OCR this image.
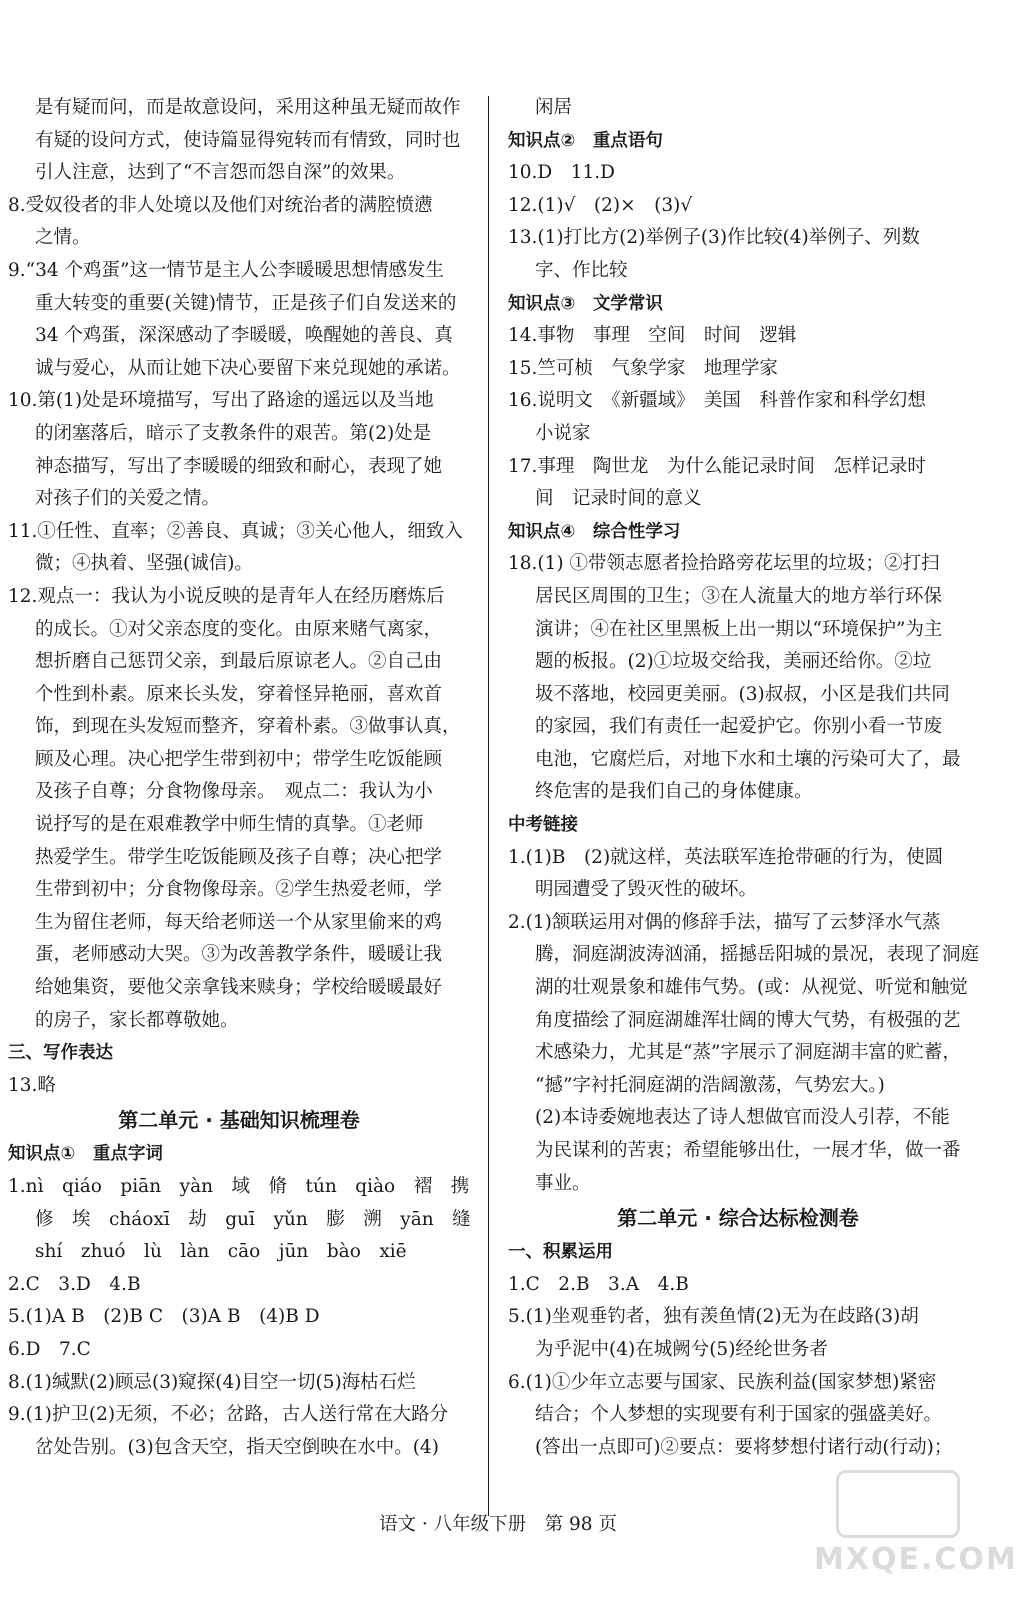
是有疑而问，而是故意设问，采用这种虽无疑而故作
有疑的设问方式，使诗篇显得宛转而有情致，同时也
引人注意，达到了“不言怨而怨自深”的效果。
8.受奴役者的非人处境以及他们对统治者的满腔愤懑
之情。
9.“34 个鸡蛋”这一情节是主人公李暖暖思想情感发生
重大转变的重要(关键)情节，正是孩子们自发送来的
34 个鸡蛋，深深感动了李暖暖，唤醒她的善良、真
诚与爱心，从而让她下决心要留下来兑现她的承诺。
10.第(1)处是环境描写，写出了路途的遥远以及当地
的闭塞落后，暗示了支教条件的艰苦。第(2)处是
神态描写，写出了李暖暖的细致和耐心，表现了她
对孩子们的关爱之情。
11.①任性、直率；②善良、真诚；③关心他人，细致入
微；④执着、坚强(诚信)。
12.观点一：我认为小说反映的是青年人在经历磨炼后
的成长。①对父亲态度的变化。由原来赌气离家，
想折磨自己惩罚父亲，到最后原谅老人。②自己由
个性到朴素。原来长头发，穿着怪异艳丽，喜欢首
饰，到现在头发短而整齐，穿着朴素。③做事认真，
顾及心理。决心把学生带到初中；带学生吃饭能顾
及孩子自尊；分食物像母亲。　观点二：我认为小
说抒写的是在艰难教学中师生情的真挚。①老师
热爱学生。带学生吃饭能顾及孩子自尊；决心把学
生带到初中；分食物像母亲。②学生热爱老师，学
生为留住老师，每天给老师送一个从家里偷来的鸡
蛋，老师感动大哭。③为改善教学条件，暖暖让我
给她集资，要他父亲拿钱来赎身；学校给暖暖最好
的房子，家长都尊敬她。
三、写作表达
13.略
第二单元 · 基础知识梳理卷
知识点①　重点字词
1.nì　qiáo　piān　yàn　域　脩　tún　qiào　褶　携
修　埃　cháoxī　劫　guī　yǔn　膨　溯　yān　缝
shí　zhuó　lù　làn　cāo　jūn　bào　xiē
2.C　3.D　4.B
5.(1)A B　(2)B C　(3)A B　(4)B D
6.D　7.C
8.(1)缄默(2)顾忌(3)窥探(4)目空一切(5)海枯石烂
9.(1)护卫(2)无须，不必；岔路，古人送行常在大路分
岔处告别。(3)包含天空，指天空倒映在水中。(4)
闲居
知识点②　重点语句
10.D　11.D
12.(1)√　(2)×　(3)√
13.(1)打比方(2)举例子(3)作比较(4)举例子、列数
字、作比较
知识点③　文学常识
14.事物　事理　空间　时间　逻辑
15.竺可桢　气象学家　地理学家
16.说明文　《新疆域》　美国　科普作家和科学幻想
小说家
17.事理　陶世龙　为什么能记录时间　怎样记录时
间　记录时间的意义
知识点④　综合性学习
18.(1) ①带领志愿者捡拾路旁花坛里的垃圾；②打扫
居民区周围的卫生；③在人流量大的地方举行环保
演讲；④在社区里黑板上出一期以“环境保护”为主
题的板报。(2)①垃圾交给我，美丽还给你。②垃
圾不落地，校园更美丽。(3)叔叔，小区是我们共同
的家园，我们有责任一起爱护它。你别小看一节废
电池，它腐烂后，对地下水和土壤的污染可大了，最
终危害的是我们自己的身体健康。
中考链接
1.(1)B　(2)就这样，英法联军连抢带砸的行为，使圆
明园遭受了毁灭性的破坏。
2.(1)颔联运用对偶的修辞手法，描写了云梦泽水气蒸
腾，洞庭湖波涛汹涌，摇撼岳阳城的景况，表现了洞庭
湖的壮观景象和雄伟气势。(或：从视觉、听觉和触觉
角度描绘了洞庭湖雄浑壮阔的博大气势，有极强的艺
术感染力，尤其是“蒸”字展示了洞庭湖丰富的贮蓄，
“撼”字衬托洞庭湖的浩阔激荡，气势宏大。)
(2)本诗委婉地表达了诗人想做官而没人引荐，不能
为民谋利的苦衷；希望能够出仕，一展才华，做一番
事业。
第二单元 · 综合达标检测卷
一、积累运用
1.C　2.B　3.A　4.B
5.(1)坐观垂钓者，独有羡鱼情(2)无为在歧路(3)胡
为乎泥中(4)在城阙兮(5)经纶世务者
6.(1)①少年立志要与国家、民族利益(国家梦想)紧密
结合；个人梦想的实现要有利于国家的强盛美好。
(答出一点即可)②要点：要将梦想付诸行动(行动)；
语文 · 八年级下册　第 98 页
MXQE.COM
